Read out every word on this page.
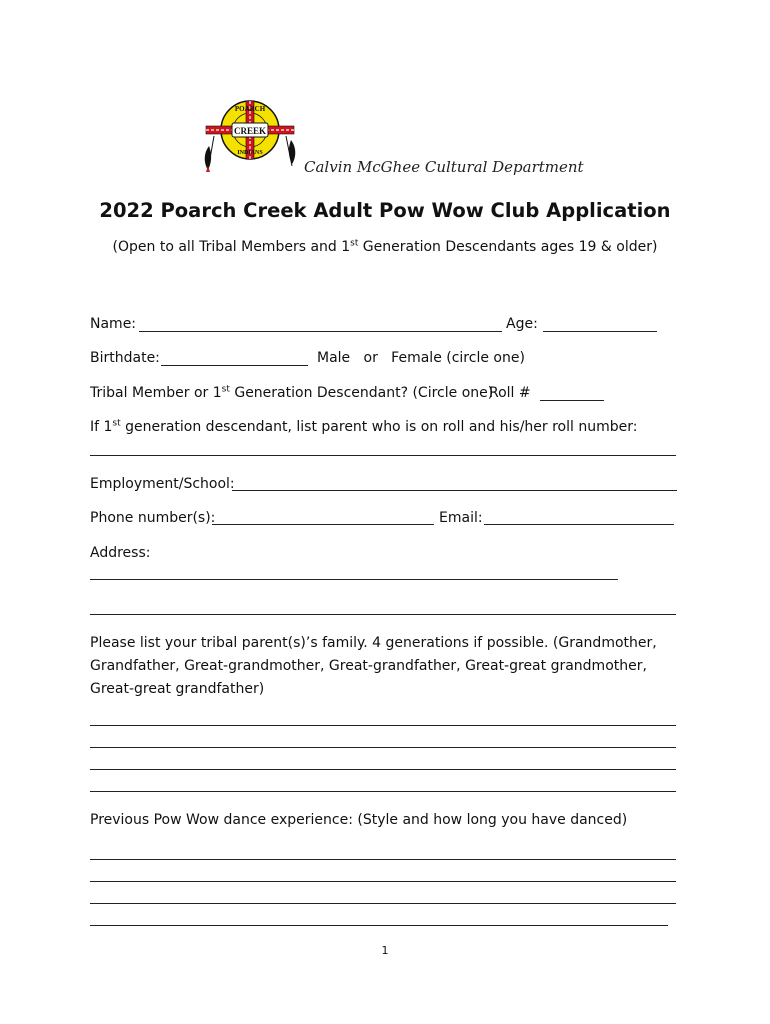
CREEK
POARCH
INDIANS
Calvin McGhee Cultural Department
2022 Poarch Creek Adult Pow Wow Club Application
(Open to all Tribal Members and 1st Generation Descendants ages 19 & older)
Name:	Age:
Birthdate:	Male   or   Female (circle one)
Tribal Member or 1st Generation Descendant? (Circle one)
Roll #
If 1st generation descendant, list parent who is on roll and his/her roll number:
Employment/School:
Phone number(s):	Email:
Address:
Please list your tribal parent(s)’s family. 4 generations if possible. (Grandmother, Grandfather, Great-grandmother, Great-grandfather, Great-great grandmother, Great-great grandfather)
Previous Pow Wow dance experience: (Style and how long you have danced)
1
